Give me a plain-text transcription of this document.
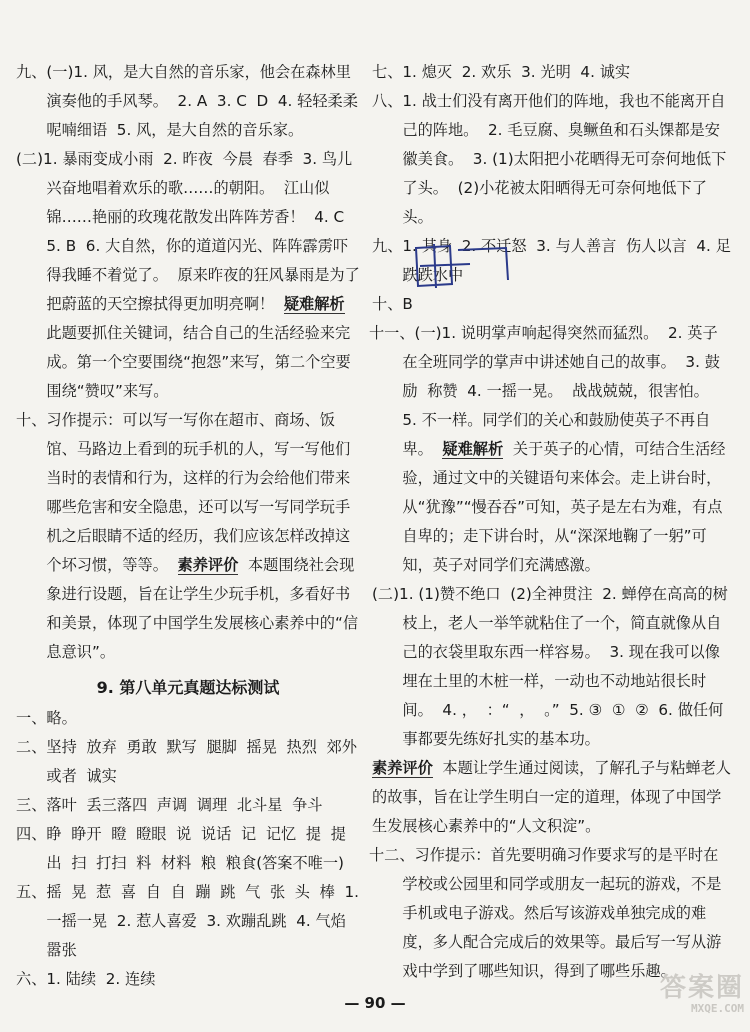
九、(一)1. 风，是大自然的音乐家，他会在森林里演奏他的手风琴。  2. A  3. C  D  4. 轻轻柔柔  呢喃细语  5. 风，是大自然的音乐家。

(二)1. 暴雨变成小雨  2. 昨夜  今晨  春季  3. 鸟儿兴奋地唱着欢乐的歌……的朝阳。  江山似锦……艳丽的玫瑰花散发出阵阵芳香！  4. C  5. B  6. 大自然，你的道道闪光、阵阵霹雳吓得我睡不着觉了。  原来昨夜的狂风暴雨是为了把蔚蓝的天空擦拭得更加明亮啊！ 疑难解析  此题要抓住关键词，结合自己的生活经验来完成。第一个空要围绕“抱怨”来写，第二个空要围绕“赞叹”来写。

十、习作提示：可以写一写你在超市、商场、饭馆、马路边上看到的玩手机的人，写一写他们当时的表情和行为，这样的行为会给他们带来哪些危害和安全隐患，还可以写一写同学玩手机之后眼睛不适的经历，我们应该怎样改掉这个坏习惯，等等。 素养评价  本题围绕社会现象进行设题，旨在让学生少玩手机，多看好书和美景，体现了中国学生发展核心素养中的“信息意识”。

9. 第八单元真题达标测试

一、略。

二、坚持  放弃  勇敢  默写  腿脚  摇晃  热烈  郊外  或者  诚实

三、落叶  丢三落四  声调  调理  北斗星  争斗

四、睁  睁开  瞪  瞪眼  说  说话  记  记忆  提  提出  扫  打扫  料  材料  粮  粮食(答案不唯一)

五、摇  晃  惹  喜  自  自  蹦  跳  气  张  头  棒  1. 一摇一晃  2. 惹人喜爱  3. 欢蹦乱跳  4. 气焰嚣张

六、1. 陆续  2. 连续

七、1. 熄灭  2. 欢乐  3. 光明  4. 诚实

八、1. 战士们没有离开他们的阵地，我也不能离开自己的阵地。  2. 毛豆腐、臭鳜鱼和石头馃都是安徽美食。  3. (1)太阳把小花晒得无可奈何地低下了头。  (2)小花被太阳晒得无可奈何地低下了头。

九、1. 其身  2. 不迁怒  3. 与人善言  伤人以言  4. 足跌跌水中

十、B

十一、(一)1. 说明掌声响起得突然而猛烈。  2. 英子在全班同学的掌声中讲述她自己的故事。  3. 鼓励  称赞  4. 一摇一晃。  战战兢兢，很害怕。  5. 不一样。同学们的关心和鼓励使英子不再自卑。 疑难解析  关于英子的心情，可结合生活经验，通过文中的关键语句来体会。走上讲台时，从“犹豫”“慢吞吞”可知，英子是左右为难，有点自卑的；走下讲台时，从“深深地鞠了一躬”可知，英子对同学们充满感激。

(二)1. (1)赞不绝口  (2)全神贯注  2. 蝉停在高高的树枝上，老人一举竿就粘住了一个，简直就像从自己的衣袋里取东西一样容易。  3. 现在我可以像埋在土里的木桩一样，一动也不动地站很长时间。  4. ，  ：“  ，  。”  5. ③  ①  ②  6. 做任何事都要先练好扎实的基本功。

素养评价  本题让学生通过阅读，了解孔子与粘蝉老人的故事，旨在让学生明白一定的道理，体现了中国学生发展核心素养中的“人文积淀”。

十二、习作提示：首先要明确习作要求写的是平时在学校或公园里和同学或朋友一起玩的游戏，不是手机或电子游戏。然后写该游戏单独完成的难度，多人配合完成后的效果等。最后写一写从游戏中学到了哪些知识，得到了哪些乐趣。

— 90 —	答案圈
MXQE.COM
